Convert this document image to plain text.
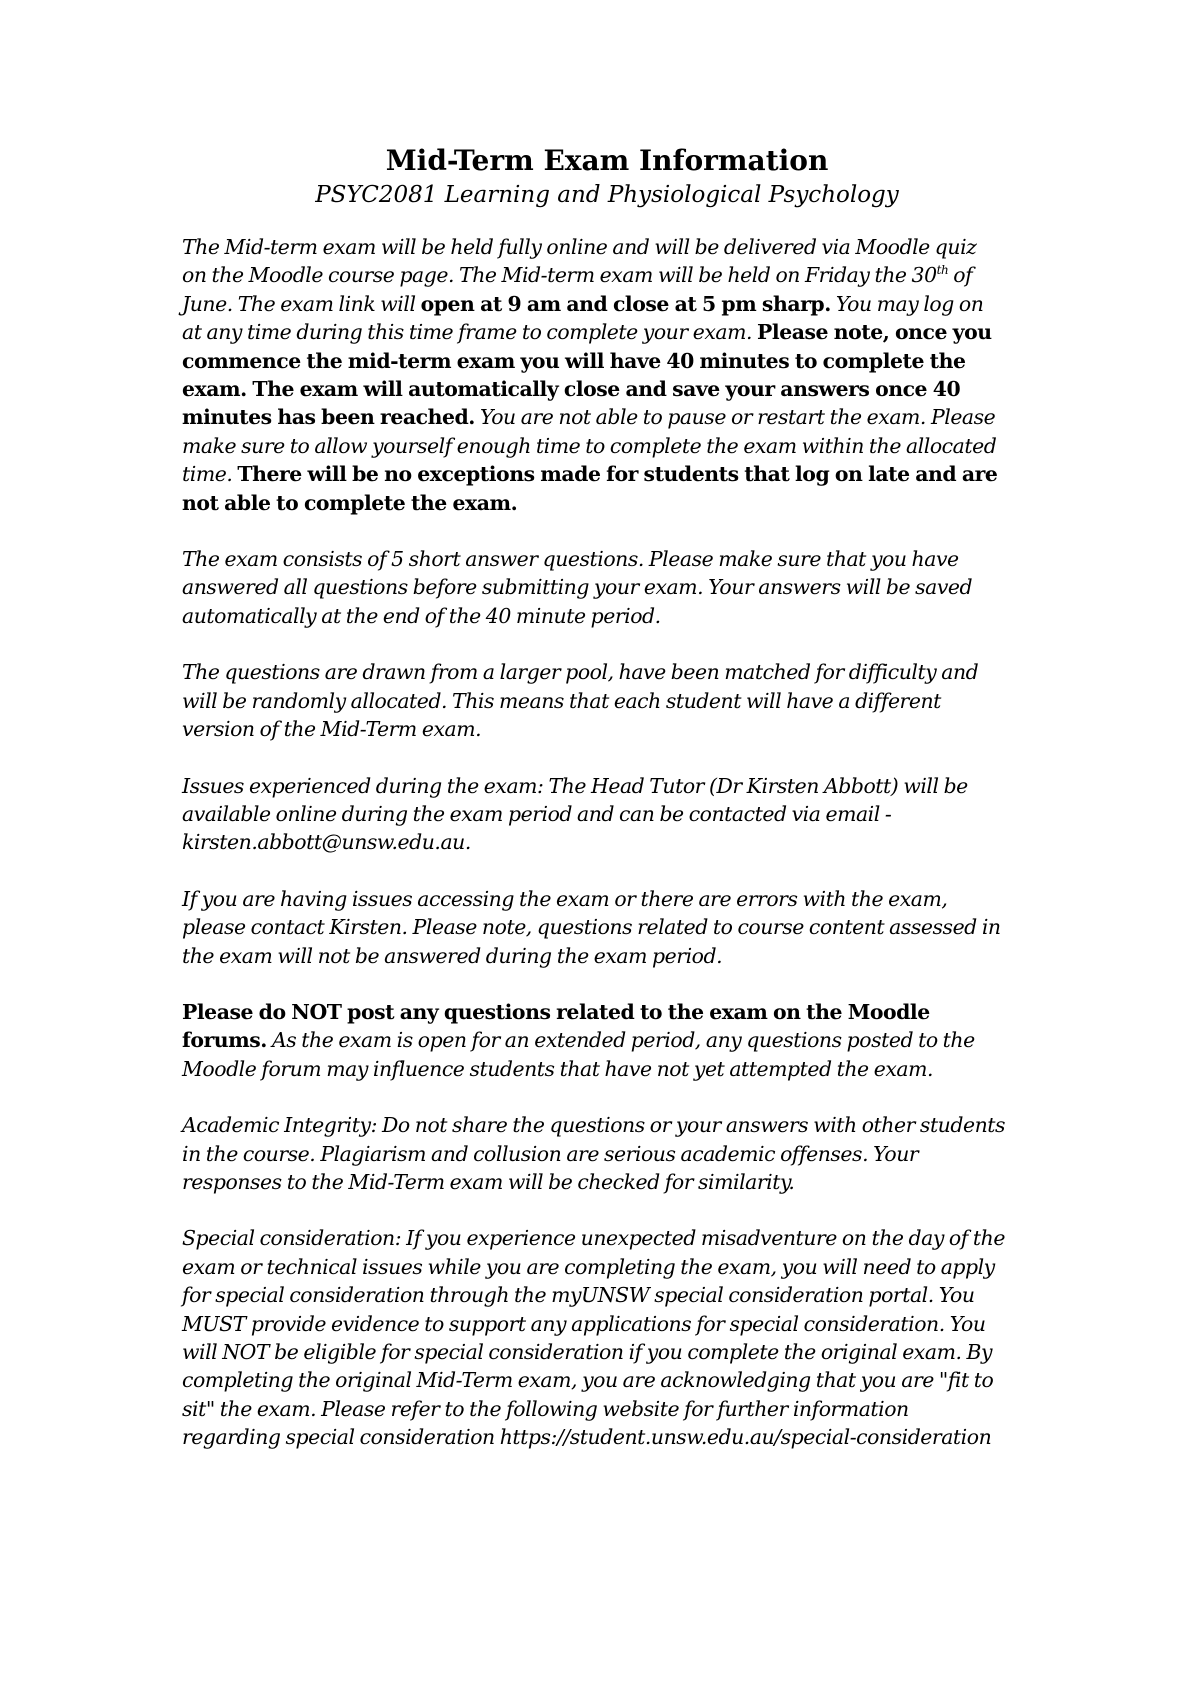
Mid-Term Exam Information

PSYC2081 Learning and Physiological Psychology

The Mid-term exam will be held fully online and will be delivered via Moodle quiz
on the Moodle course page. The Mid-term exam will be held on Friday the 30th of
June. The exam link will open at 9 am and close at 5 pm sharp. You may log on
at any time during this time frame to complete your exam. Please note, once you
commence the mid-term exam you will have 40 minutes to complete the
exam. The exam will automatically close and save your answers once 40
minutes has been reached. You are not able to pause or restart the exam. Please
make sure to allow yourself enough time to complete the exam within the allocated
time. There will be no exceptions made for students that log on late and are
not able to complete the exam.

The exam consists of 5 short answer questions. Please make sure that you have
answered all questions before submitting your exam. Your answers will be saved
automatically at the end of the 40 minute period.

The questions are drawn from a larger pool, have been matched for difficulty and
will be randomly allocated. This means that each student will have a different
version of the Mid-Term exam.

Issues experienced during the exam: The Head Tutor (Dr Kirsten Abbott) will be
available online during the exam period and can be contacted via email -
kirsten.abbott@unsw.edu.au.

If you are having issues accessing the exam or there are errors with the exam,
please contact Kirsten. Please note, questions related to course content assessed in
the exam will not be answered during the exam period.

Please do NOT post any questions related to the exam on the Moodle
forums. As the exam is open for an extended period, any questions posted to the
Moodle forum may influence students that have not yet attempted the exam.

Academic Integrity: Do not share the questions or your answers with other students
in the course. Plagiarism and collusion are serious academic offenses. Your
responses to the Mid-Term exam will be checked for similarity.

Special consideration: If you experience unexpected misadventure on the day of the
exam or technical issues while you are completing the exam, you will need to apply
for special consideration through the myUNSW special consideration portal. You
MUST provide evidence to support any applications for special consideration. You
will NOT be eligible for special consideration if you complete the original exam. By
completing the original Mid-Term exam, you are acknowledging that you are "fit to
sit" the exam. Please refer to the following website for further information
regarding special consideration https://student.unsw.edu.au/special-consideration
